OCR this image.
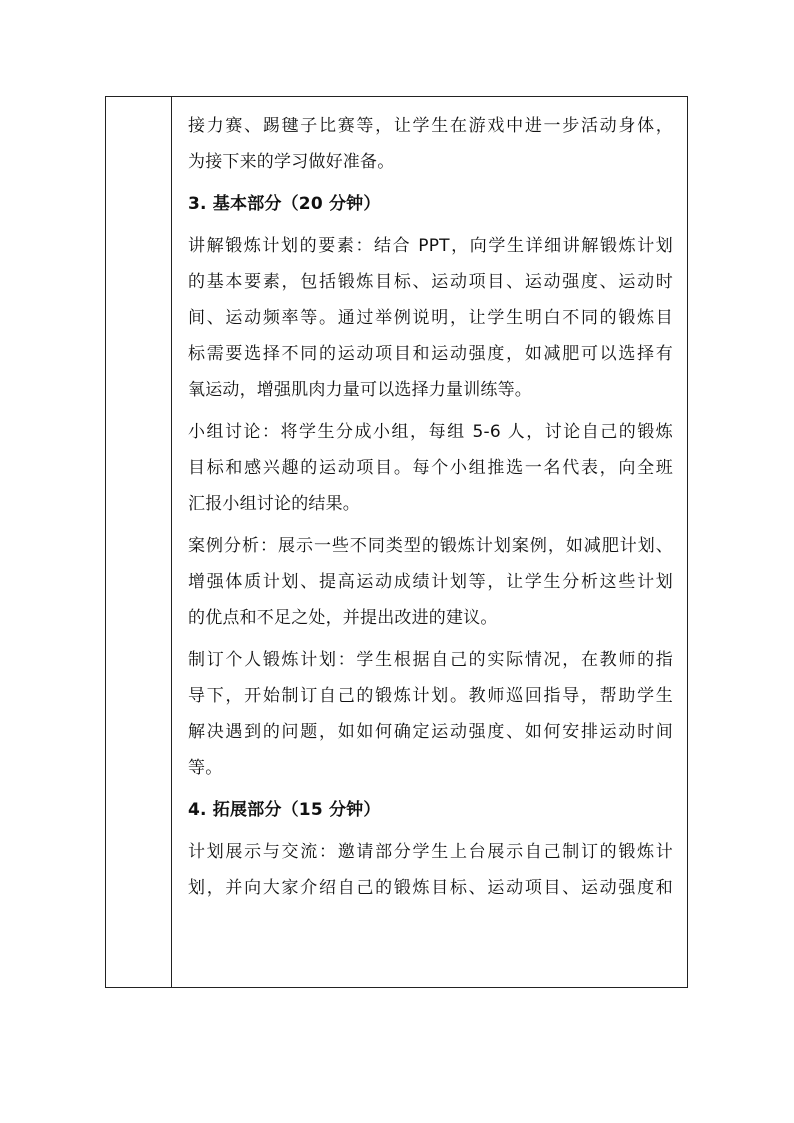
接力赛、踢毽子比赛等，让学生在游戏中进一步活动身体，
为接下来的学习做好准备。
3. 基本部分（20 分钟）
讲解锻炼计划的要素：结合 PPT，向学生详细讲解锻炼计划
的基本要素，包括锻炼目标、运动项目、运动强度、运动时
间、运动频率等。通过举例说明，让学生明白不同的锻炼目
标需要选择不同的运动项目和运动强度，如减肥可以选择有
氧运动，增强肌肉力量可以选择力量训练等。
小组讨论：将学生分成小组，每组 5-6 人，讨论自己的锻炼
目标和感兴趣的运动项目。每个小组推选一名代表，向全班
汇报小组讨论的结果。
案例分析：展示一些不同类型的锻炼计划案例，如减肥计划、
增强体质计划、提高运动成绩计划等，让学生分析这些计划
的优点和不足之处，并提出改进的建议。
制订个人锻炼计划：学生根据自己的实际情况，在教师的指
导下，开始制订自己的锻炼计划。教师巡回指导，帮助学生
解决遇到的问题，如如何确定运动强度、如何安排运动时间
等。
4. 拓展部分（15 分钟）
计划展示与交流：邀请部分学生上台展示自己制订的锻炼计
划，并向大家介绍自己的锻炼目标、运动项目、运动强度和
